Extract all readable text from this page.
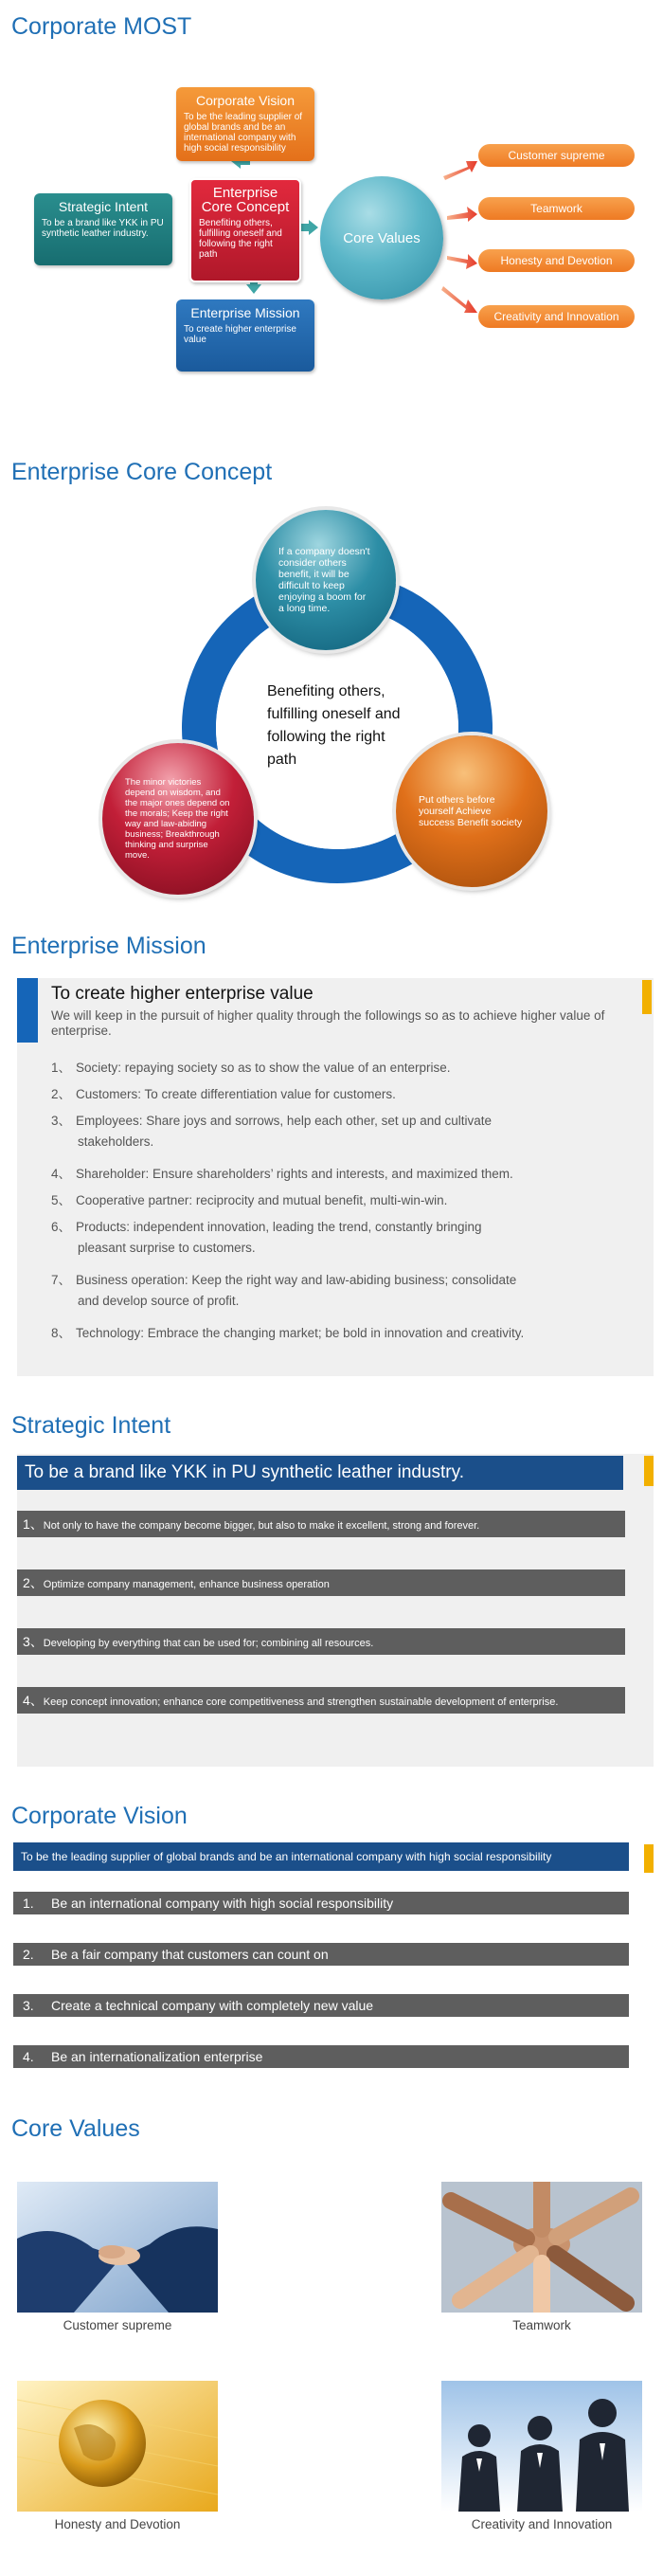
Corporate MOST
Corporate Vision
To be the leading supplier of global brands and be an international company with high social responsibility
Enterprise Core Concept
Benefiting others, fulfilling oneself and following the right path
Strategic Intent
To be a brand like YKK in PU synthetic leather industry.
Enterprise Mission
To create higher enterprise value
Core Values
Customer supreme
Teamwork
Honesty and Devotion
Creativity and Innovation
Enterprise Core Concept
Benefiting others, fulfilling oneself and following the right path
If a company doesn't consider others benefit, it will be difficult to keep enjoying a boom for a long time.
The minor victories depend on wisdom, and the major ones depend on the morals; Keep the right way and law-abiding business; Breakthrough thinking and surprise move.
Put others before yourself Achieve success Benefit society
Enterprise Mission
To create higher enterprise value
We will keep in the pursuit of higher quality through the followings so as to achieve higher value of enterprise.
1、 Society: repaying society so as to show the value of an enterprise.
2、 Customers: To create differentiation value for customers.
3、 Employees: Share joys and sorrows, help each other, set up and cultivate
stakeholders.
4、 Shareholder: Ensure shareholders’ rights and interests, and maximized them.
5、 Cooperative partner: reciprocity and mutual benefit, multi-win-win.
6、 Products: independent innovation, leading the trend, constantly bringing
pleasant surprise to customers.
7、 Business operation: Keep the right way and law-abiding business; consolidate
and develop source of profit.
8、 Technology: Embrace the changing market; be bold in innovation and creativity.
Strategic Intent
To be a brand like YKK in PU synthetic leather industry.
1、Not only to have the company become bigger, but also to make it excellent, strong and forever.
2、Optimize company management, enhance business operation
3、Developing by everything that can be used for; combining all resources.
4、Keep concept innovation; enhance core competitiveness and strengthen sustainable development of enterprise.
Corporate Vision
To be the leading supplier of global brands and be an international company with high social responsibility
1. Be an international company with high social responsibility
2. Be a fair company that customers can count on
3. Create a technical company with completely new value
4. Be an internationalization enterprise
Core Values
Customer supreme	Teamwork
Honesty and Devotion	Creativity and Innovation
